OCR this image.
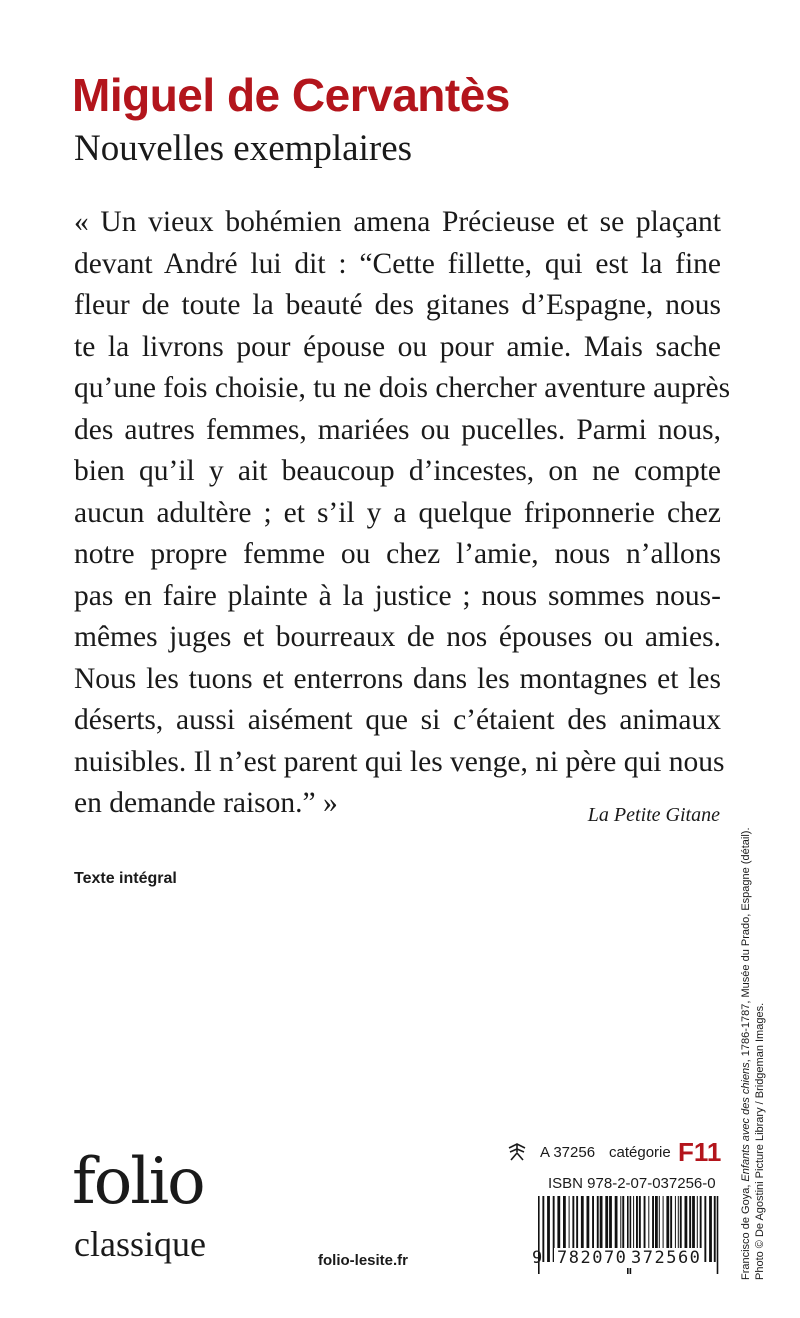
Miguel de Cervantès
Nouvelles exemplaires
« Un vieux bohémien amena Précieuse et se plaçant
devant André lui dit : “Cette fillette, qui est la fine
fleur de toute la beauté des gitanes d’Espagne, nous
te la livrons pour épouse ou pour amie. Mais sache
qu’une fois choisie, tu ne dois chercher aventure auprès
des autres femmes, mariées ou pucelles. Parmi nous,
bien qu’il y ait beaucoup d’incestes, on ne compte
aucun adultère ; et s’il y a quelque friponnerie chez
notre propre femme ou chez l’amie, nous n’allons
pas en faire plainte à la justice ; nous sommes nous-
mêmes juges et bourreaux de nos épouses ou amies.
Nous les tuons et enterrons dans les montagnes et les
déserts, aussi aisément que si c’étaient des animaux
nuisibles. Il n’est parent qui les venge, ni père qui nous
en demande raison.” »	La Petite Gitane
Texte intégral
folio
classique	folio-lesite.fr
A 37256 catégorie F11
ISBN 978-2-07-037256-0
9 782070 372560	Francisco de Goya, Enfants avec des chiens, 1786-1787, Musée du Prado, Espagne (détail).
Photo © De Agostini Picture Library / Bridgeman Images.
